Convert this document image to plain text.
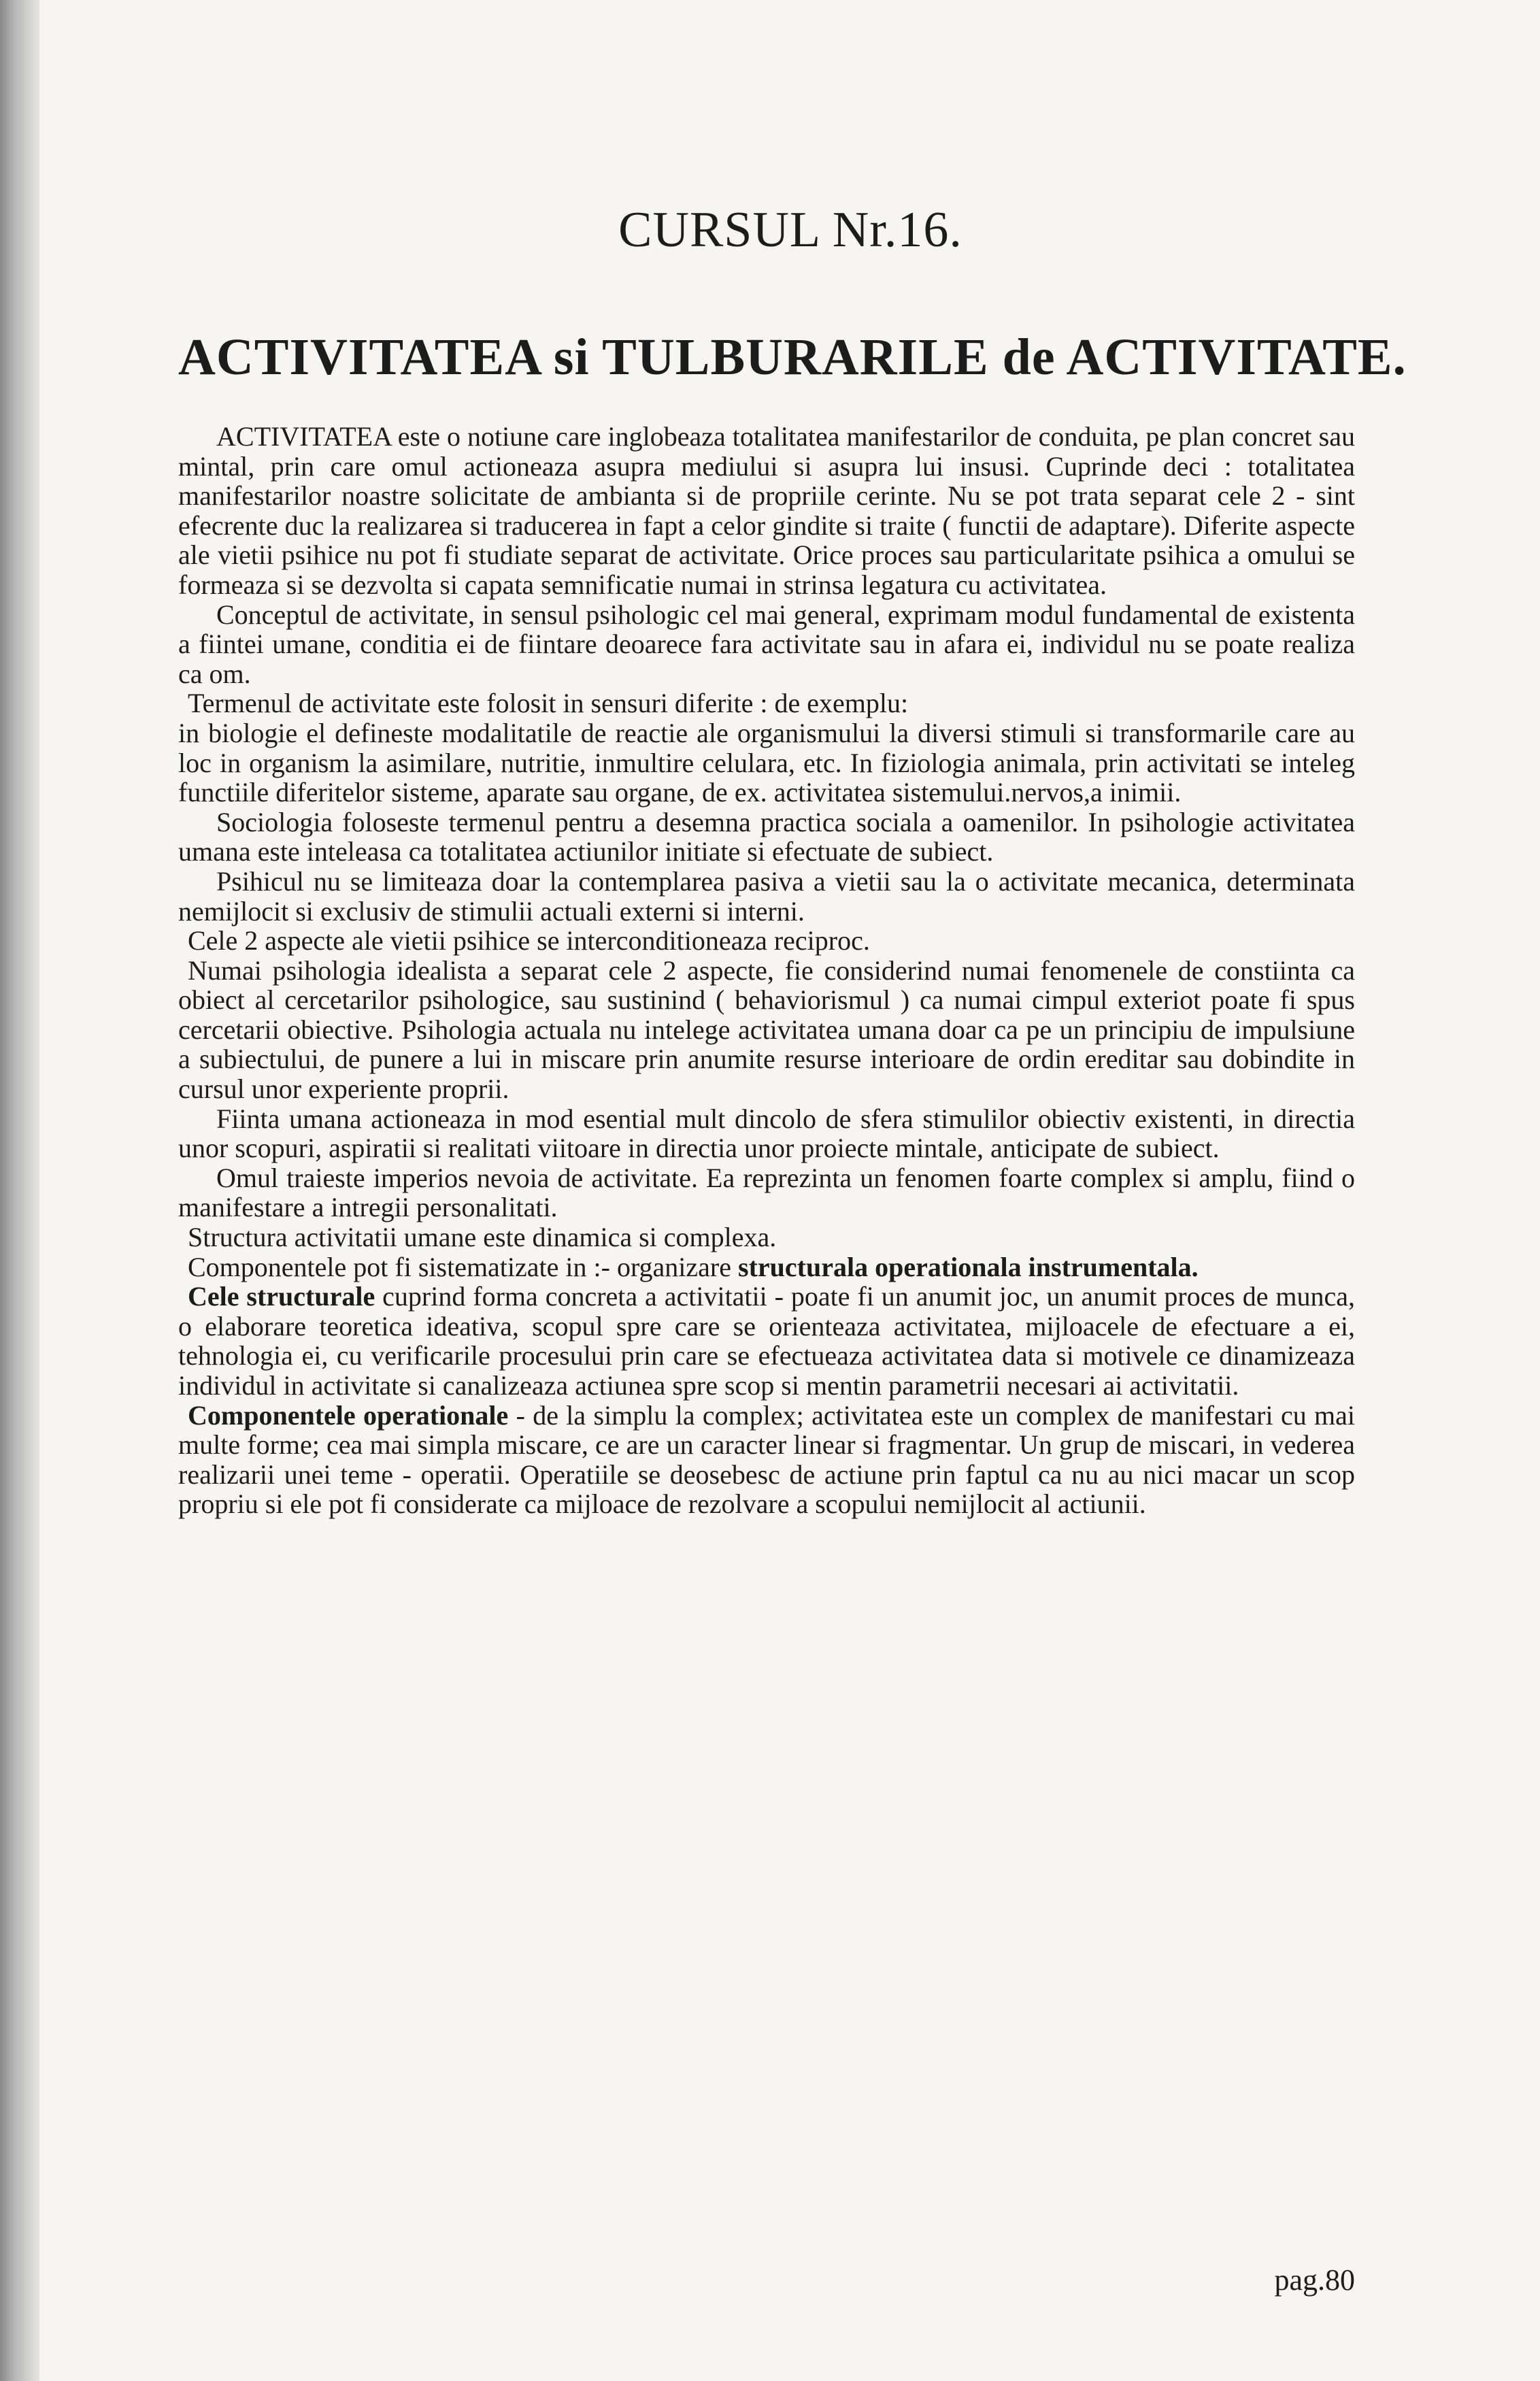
CURSUL Nr.16.
ACTIVITATEA si TULBURARILE de ACTIVITATE.

ACTIVITATEA este o notiune care inglobeaza totalitatea manifestarilor de conduita, pe plan concret sau mintal, prin care omul actioneaza asupra mediului si asupra lui insusi. Cuprinde deci : totalitatea manifestarilor noastre solicitate de ambianta si de propriile cerinte. Nu se pot trata separat cele 2 - sint efecrente duc la realizarea si traducerea in fapt a celor gindite si traite ( functii de adaptare). Diferite aspecte ale vietii psihice nu pot fi studiate separat de activitate. Orice proces sau particularitate psihica a omului se formeaza si se dezvolta si capata semnificatie numai in strinsa legatura cu activitatea.

Conceptul de activitate, in sensul psihologic cel mai general, exprimam modul fundamental de existenta a fiintei umane, conditia ei de fiintare deoarece fara activitate sau in afara ei, individul nu se poate realiza ca om.

Termenul de activitate este folosit in sensuri diferite : de exemplu:

in biologie el defineste modalitatile de reactie ale organismului la diversi stimuli si transformarile care au loc in organism la asimilare, nutritie, inmultire celulara, etc. In fiziologia animala, prin activitati se inteleg functiile diferitelor sisteme, aparate sau organe, de ex. activitatea sistemului.nervos,a inimii.

Sociologia foloseste termenul pentru a desemna practica sociala a oamenilor. In psihologie activitatea umana este inteleasa ca totalitatea actiunilor initiate si efectuate de subiect.

Psihicul nu se limiteaza doar la contemplarea pasiva a vietii sau la o activitate mecanica, determinata nemijlocit si exclusiv de stimulii actuali externi si interni.

Cele 2 aspecte ale vietii psihice se interconditioneaza reciproc.

Numai psihologia idealista a separat cele 2 aspecte, fie considerind numai fenomenele de constiinta ca obiect al cercetarilor psihologice, sau sustinind ( behaviorismul ) ca numai cimpul exteriot poate fi spus cercetarii obiective. Psihologia actuala nu intelege activitatea umana doar ca pe un principiu de impulsiune a subiectului, de punere a lui in miscare prin anumite resurse interioare de ordin ereditar sau dobindite in cursul unor experiente proprii.

Fiinta umana actioneaza in mod esential mult dincolo de sfera stimulilor obiectiv existenti, in directia unor scopuri, aspiratii si realitati viitoare in directia unor proiecte mintale, anticipate de subiect.

Omul traieste imperios nevoia de activitate. Ea reprezinta un fenomen foarte complex si amplu, fiind o manifestare a intregii personalitati.

Structura activitatii umane este dinamica si complexa.

Componentele pot fi sistematizate in :- organizare structurala operationala instrumentala.

Cele structurale cuprind forma concreta a activitatii - poate fi un anumit joc, un anumit proces de munca, o elaborare teoretica ideativa, scopul spre care se orienteaza activitatea, mijloacele de efectuare a ei, tehnologia ei, cu verificarile procesului prin care se efectueaza activitatea data si motivele ce dinamizeaza individul in activitate si canalizeaza actiunea spre scop si mentin parametrii necesari ai activitatii.

Componentele operationale - de la simplu la complex; activitatea este un complex de manifestari cu mai multe forme; cea mai simpla miscare, ce are un caracter linear si fragmentar. Un grup de miscari, in vederea realizarii unei teme - operatii. Operatiile se deosebesc de actiune prin faptul ca nu au nici macar un scop propriu si ele pot fi considerate ca mijloace de rezolvare a scopului nemijlocit al actiunii.

pag.80
